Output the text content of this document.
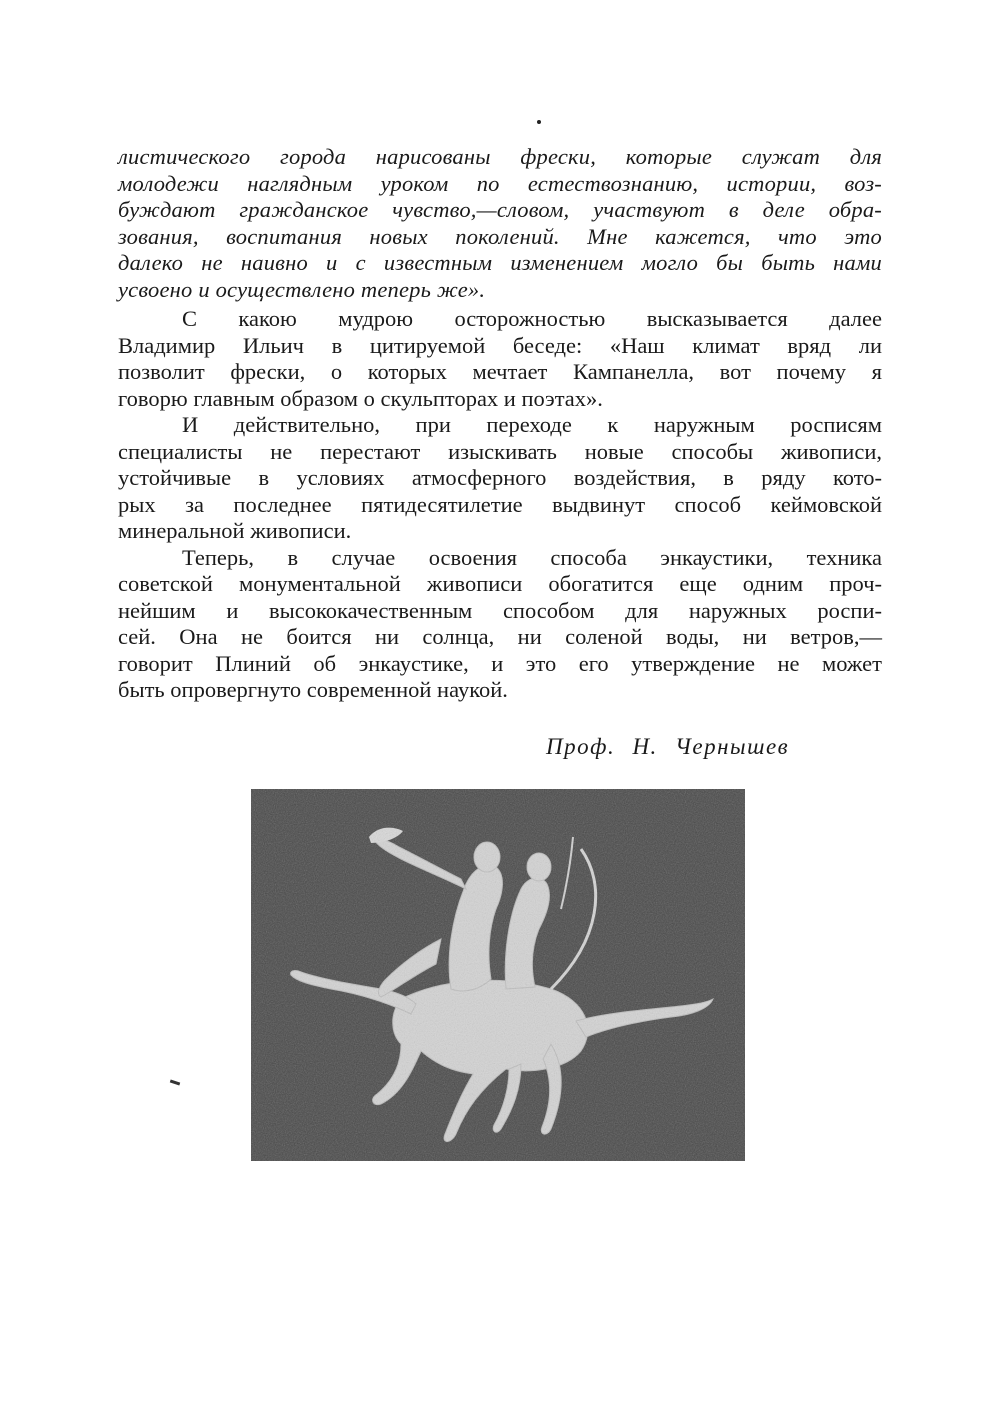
листического города нарисованы фрески, которые служат для
молодежи наглядным уроком по естествознанию, истории, воз-
буждают гражданское чувство,—словом, участвуют в деле обра-
зования, воспитания новых поколений. Мне кажется, что это
далеко не наивно и с известным изменением могло бы быть нами
усвоено и осуществлено теперь же».

С какою мудрою осторожностью высказывается далее
Владимир Ильич в цитируемой беседе: «Наш климат вряд ли
позволит фрески, о которых мечтает Кампанелла, вот почему я
говорю главным образом о скульпторах и поэтах».

И действительно, при переходе к наружным росписям
специалисты не перестают изыскивать новые способы живописи,
устойчивые в условиях атмосферного воздействия, в ряду кото-
рых за последнее пятидесятилетие выдвинут способ кеймовской
минеральной живописи.

Теперь, в случае освоения способа энкаустики, техника
советской монументальной живописи обогатится еще одним проч-
нейшим и высококачественным способом для наружных роспи-
сей. Она не боится ни солнца, ни соленой воды, ни ветров,—
говорит Плиний об энкаустике, и это его утверждение не может
быть опровергнуто современной наукой.

Проф. Н. Чернышев
